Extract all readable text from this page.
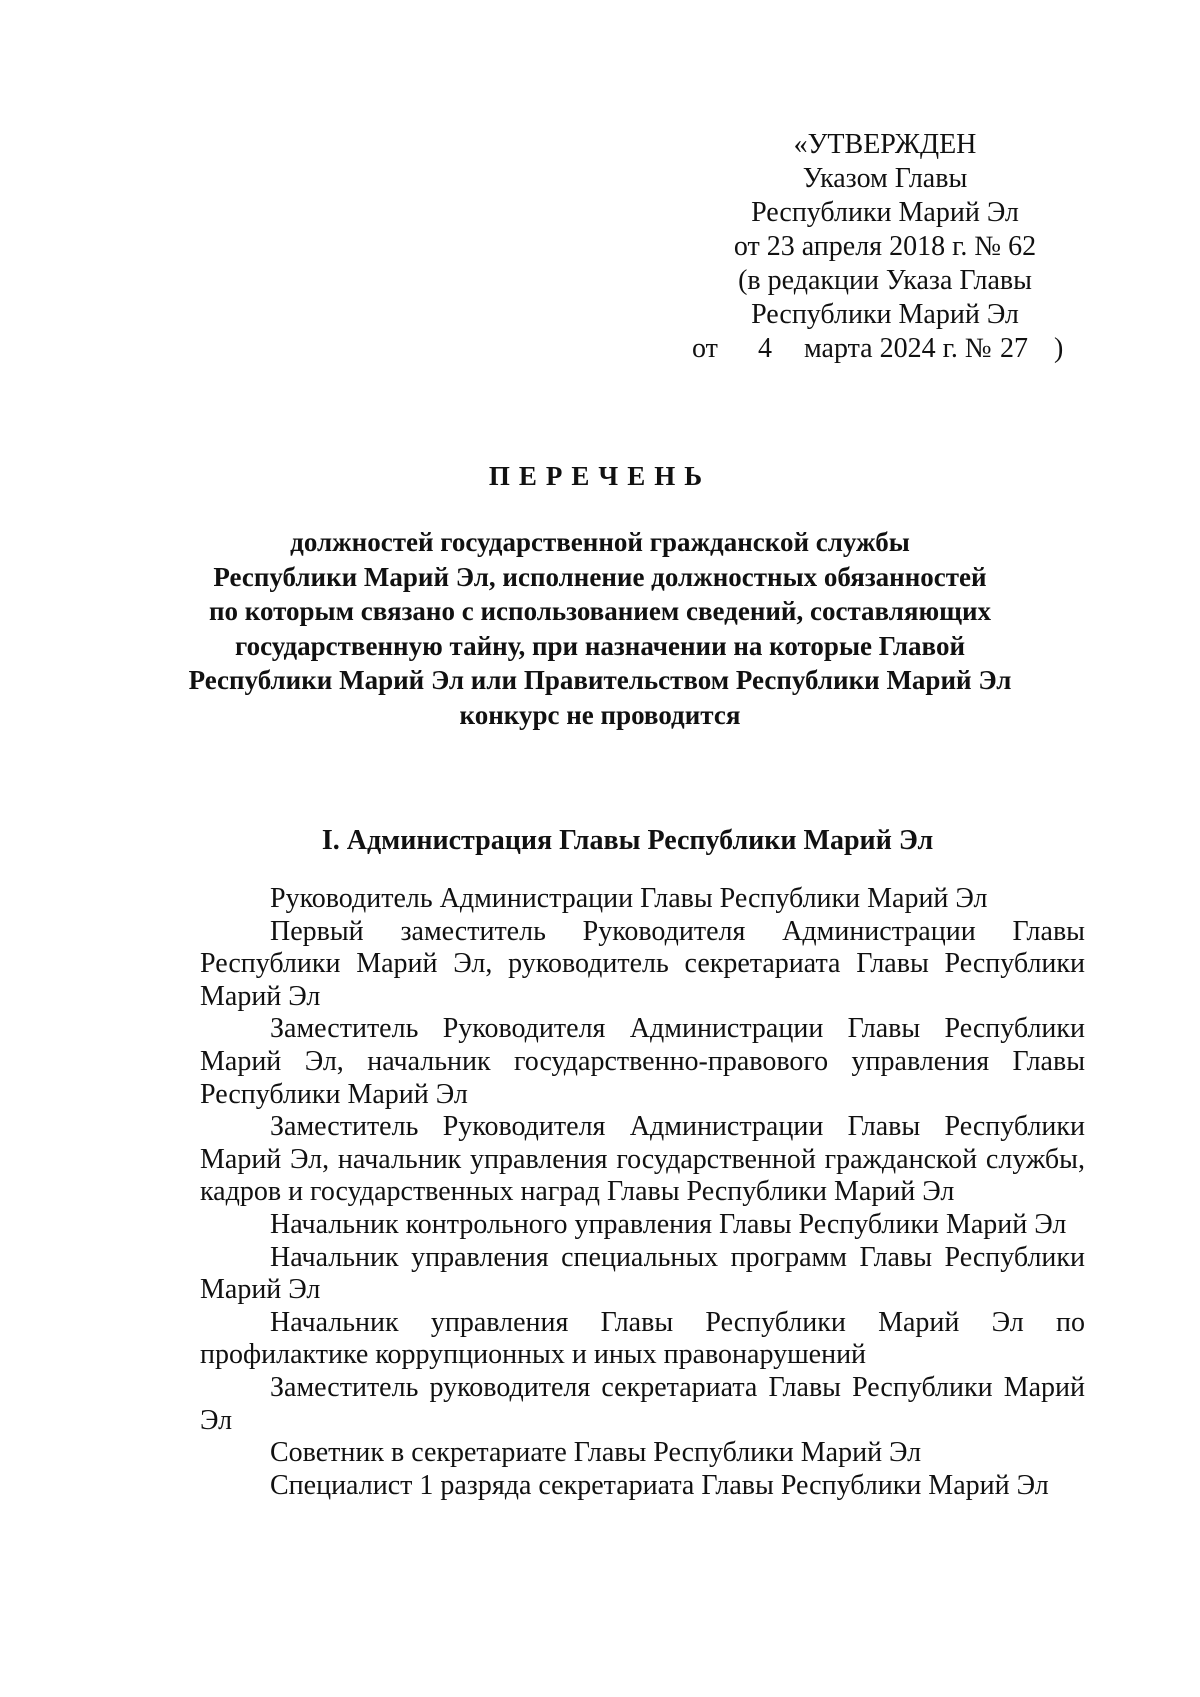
«УТВЕРЖДЕН
Указом Главы
Республики Марий Эл
от 23 апреля 2018 г. № 62
(в редакции Указа Главы
Республики Марий Эл
от 4 марта 2024 г. № 27 )
ПЕРЕЧЕНЬ
должностей государственной гражданской службы
Республики Марий Эл, исполнение должностных обязанностей
по которым связано с использованием сведений, составляющих
государственную тайну, при назначении на которые Главой
Республики Марий Эл или Правительством Республики Марий Эл
конкурс не проводится
I. Администрация Главы Республики Марий Эл

Руководитель Администрации Главы Республики Марий Эл

Первый заместитель Руководителя Администрации Главы Республики Марий Эл, руководитель секретариата Главы Республики Марий Эл

Заместитель Руководителя Администрации Главы Республики Марий Эл, начальник государственно-правового управления Главы Республики Марий Эл

Заместитель Руководителя Администрации Главы Республики Марий Эл, начальник управления государственной гражданской службы, кадров и государственных наград Главы Республики Марий Эл

Начальник контрольного управления Главы Республики Марий Эл

Начальник управления специальных программ Главы Республики Марий Эл

Начальник управления Главы Республики Марий Эл по профилактике коррупционных и иных правонарушений

Заместитель руководителя секретариата Главы Республики Марий Эл

Советник в секретариате Главы Республики Марий Эл

Специалист 1 разряда секретариата Главы Республики Марий Эл
